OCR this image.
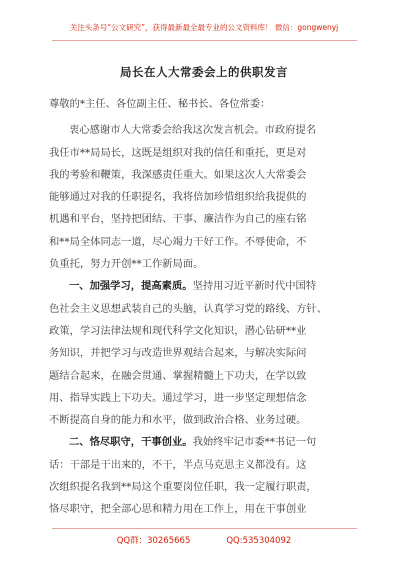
关注头条号“公文研究”，获得最新最全最专业的公文资料库！ 微信：gongwenyj
局长在人大常委会上的供职发言
尊敬的*主任、各位副主任、秘书长、各位常委：
衷心感谢市人大常委会给我这次发言机会。市政府提名
我任市**局局长，这既是组织对我的信任和重托，更是对
我的考验和鞭策，我深感责任重大。如果这次人大常委会
能够通过对我的任职提名，我将倍加珍惜组织给我提供的
机遇和平台，坚持把团结、干事、廉洁作为自己的座右铭
和**局全体同志一道，尽心竭力干好工作。不辱使命，不
负重托，努力开创**工作新局面。
一、加强学习，提高素质。坚持用习近平新时代中国特
色社会主义思想武装自己的头脑，认真学习党的路线、方针、
政策，学习法律法规和现代科学文化知识，潜心钻研**业
务知识，并把学习与改造世界观结合起来，与解决实际问
题结合起来，在融会贯通、掌握精髓上下功夫，在学以致
用、指导实践上下功夫。通过学习，进一步坚定理想信念
不断提高自身的能力和水平，做到政治合格、业务过硬。
二、恪尽职守，干事创业。我始终牢记市委**书记一句
话：干部是干出来的，不干，半点马克思主义都没有。这
次组织提名我到**局这个重要岗位任职，我一定履行职责，
恪尽职守，把全部心思和精力用在工作上，用在干事创业
QQ群：30265665	QQ:535304092
